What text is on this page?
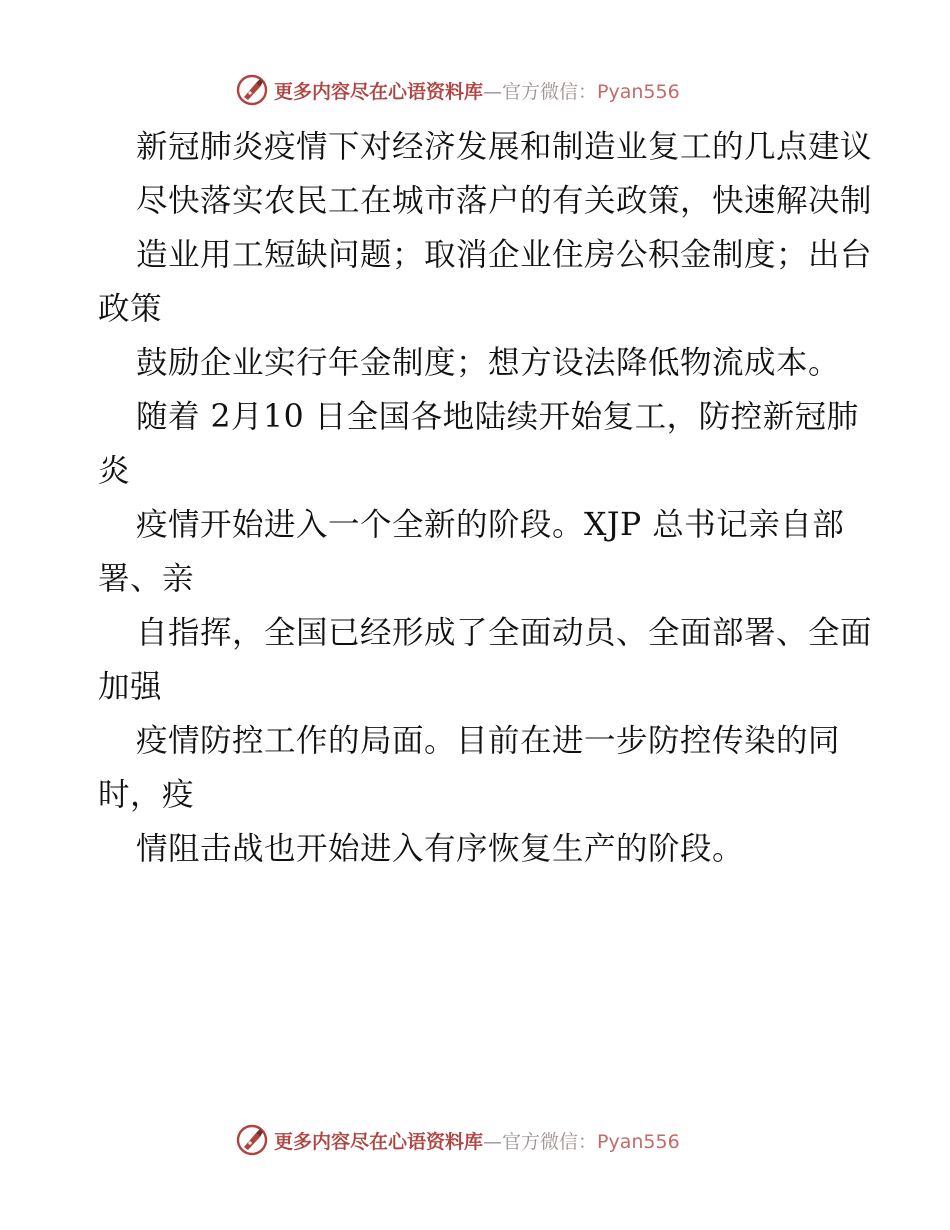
更多内容尽在心语资料库—官方微信：Pyan556

新冠肺炎疫情下对经济发展和制造业复工的几点建议

尽快落实农民工在城市落户的有关政策，快速解决制

造业用工短缺问题；取消企业住房公积金制度；出台政策

鼓励企业实行年金制度；想方设法降低物流成本。

随着 2月10 日全国各地陆续开始复工，防控新冠肺炎

疫情开始进入一个全新的阶段。XJP 总书记亲自部署、亲

自指挥，全国已经形成了全面动员、全面部署、全面加强

疫情防控工作的局面。目前在进一步防控传染的同时，疫

情阻击战也开始进入有序恢复生产的阶段。

更多内容尽在心语资料库—官方微信：Pyan556
